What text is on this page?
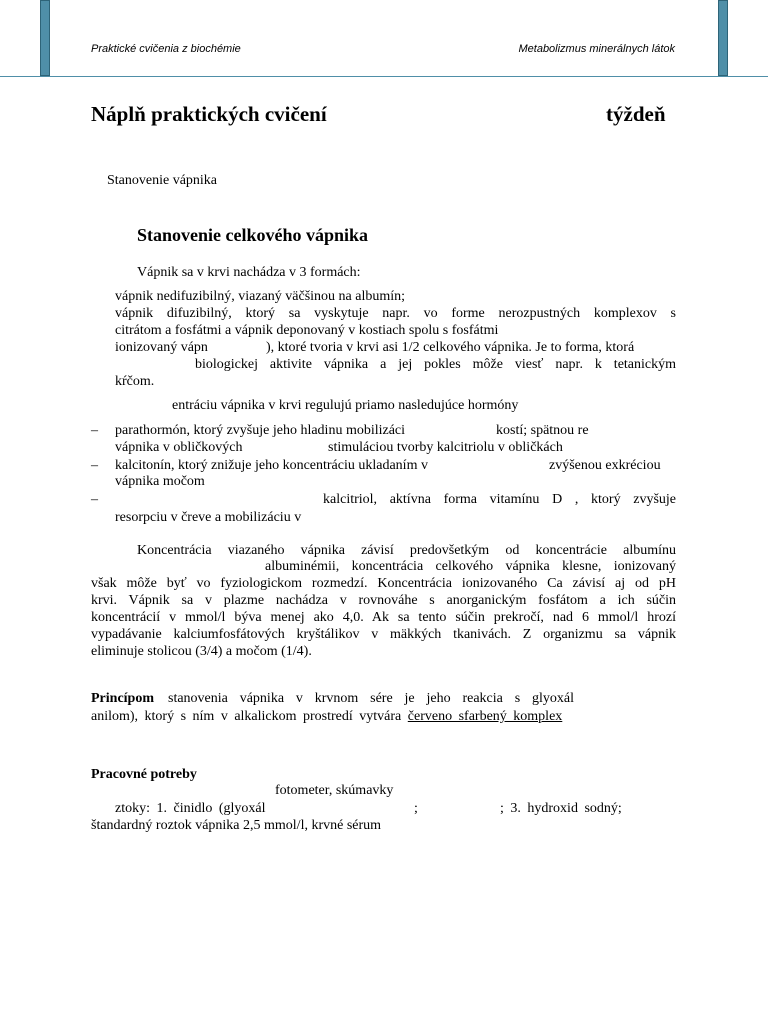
Praktické cvičenia z biochémie	Metabolizmus minerálnych látok
Náplň praktických cvičení	týždeň
Stanovenie vápnika
Stanovenie celkového vápnika
Vápnik sa v krvi nachádza v 3 formách:
vápnik nedifuzibilný, viazaný väčšinou na albumín;
vápnik difuzibilný, ktorý sa vyskytuje napr. vo forme nerozpustných komplexov s
citrátom a fosfátmi a vápnik deponovaný v kostiach spolu s fosfátmi
ionizovaný vápn	), ktoré tvoria v krvi asi 1/2 celkového vápnika. Je to forma, ktorá
biologickej aktivite vápnika a jej pokles môže viesť napr. k tetanickým
kŕčom.
entráciu vápnika v krvi regulujú priamo nasledujúce hormóny
– parathormón, ktorý zvyšuje jeho hladinu mobilizáci	kostí; spätnou re
vápnika v obličkových	stimuláciou tvorby kalcitriolu v obličkách
– kalcitonín, ktorý znižuje jeho koncentráciu ukladaním v	zvýšenou exkréciou
vápnika močom
–	kalcitriol, aktívna forma vitamínu D , ktorý zvyšuje
resorpciu v čreve a mobilizáciu v
Koncentrácia viazaného vápnika závisí predovšetkým od koncentrácie albumínu
albuminémii, koncentrácia celkového vápnika klesne, ionizovaný
však môže byť vo fyziologickom rozmedzí. Koncentrácia ionizovaného Ca závisí aj od pH
krvi. Vápnik sa v plazme nachádza v rovnováhe s anorganickým fosfátom a ich súčin
koncentrácií v mmol/l býva menej ako 4,0. Ak sa tento súčin prekročí, nad 6 mmol/l hrozí
vypadávanie kalciumfosfátových kryštálikov v mäkkých tkanivách. Z organizmu sa vápnik
eliminuje stolicou (3/4) a močom (1/4).
Princípom stanovenia vápnika v krvnom sére je jeho reakcia s glyoxál
anilom), ktorý s ním v alkalickom prostredí vytvára červeno sfarbený komplex
Pracovné potreby
fotometer, skúmavky
ztoky: 1. činidlo (glyoxál	;	; 3. hydroxid sodný;
štandardný roztok vápnika 2,5 mmol/l, krvné sérum
